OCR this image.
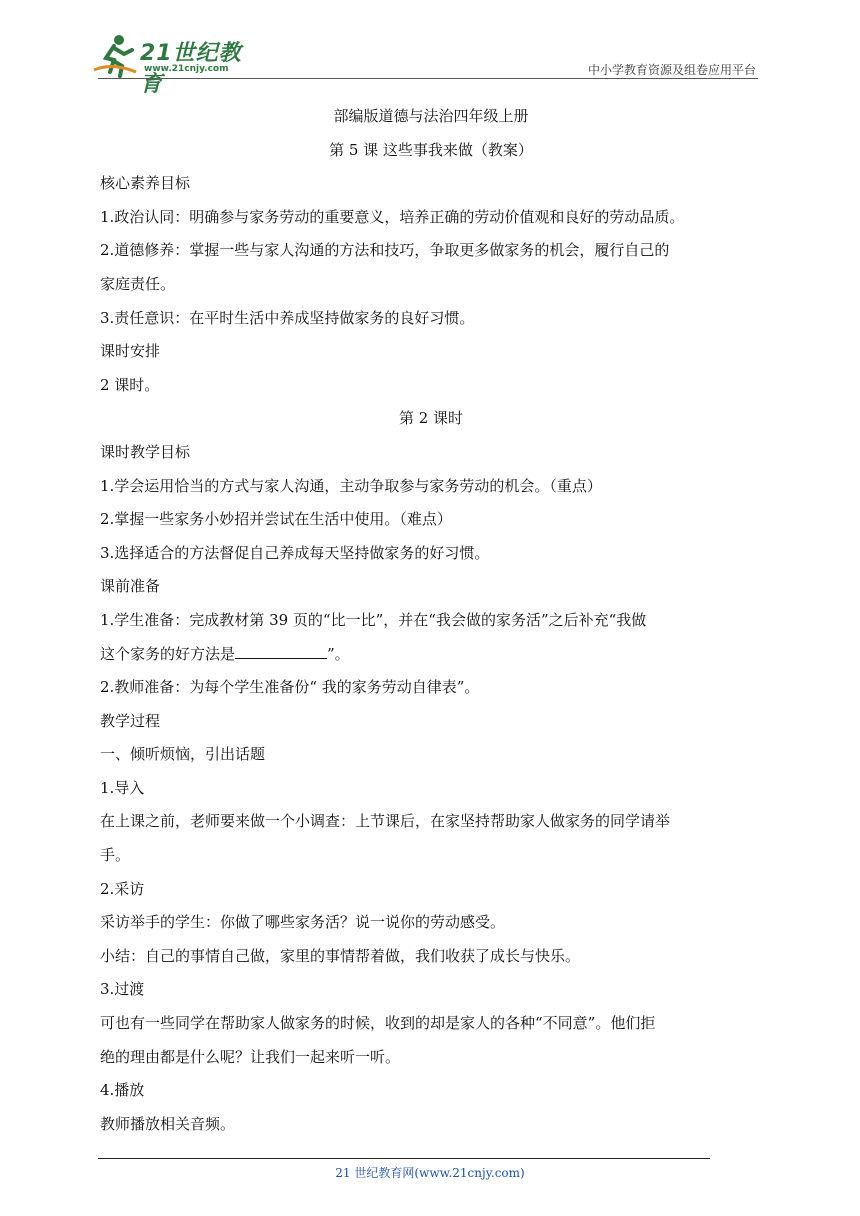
21世纪教育
www.21cnjy.com	中小学教育资源及组卷应用平台
部编版道德与法治四年级上册
第 5 课 这些事我来做（教案）
核心素养目标
1.政治认同：明确参与家务劳动的重要意义，培养正确的劳动价值观和良好的劳动品质。
2.道德修养：掌握一些与家人沟通的方法和技巧，争取更多做家务的机会，履行自己的
家庭责任。
3.责任意识：在平时生活中养成坚持做家务的良好习惯。
课时安排
2 课时。
第 2 课时
课时教学目标
1.学会运用恰当的方式与家人沟通，主动争取参与家务劳动的机会。（重点）
2.掌握一些家务小妙招并尝试在生活中使用。（难点）
3.选择适合的方法督促自己养成每天坚持做家务的好习惯。
课前准备
1.学生准备：完成教材第 39 页的“比一比”，并在“我会做的家务活”之后补充“我做
这个家务的好方法是	”。
2.教师准备：为每个学生准备份“ 我的家务劳动自律表”。
教学过程
一、倾听烦恼，引出话题
1.导入
在上课之前，老师要来做一个小调查：上节课后，在家坚持帮助家人做家务的同学请举
手。
2.采访
采访举手的学生：你做了哪些家务活？说一说你的劳动感受。
小结：自己的事情自己做，家里的事情帮着做，我们收获了成长与快乐。
3.过渡
可也有一些同学在帮助家人做家务的时候，收到的却是家人的各种“不同意”。他们拒
绝的理由都是什么呢？让我们一起来听一听。
4.播放
教师播放相关音频。
21 世纪教育网(www.21cnjy.com)
